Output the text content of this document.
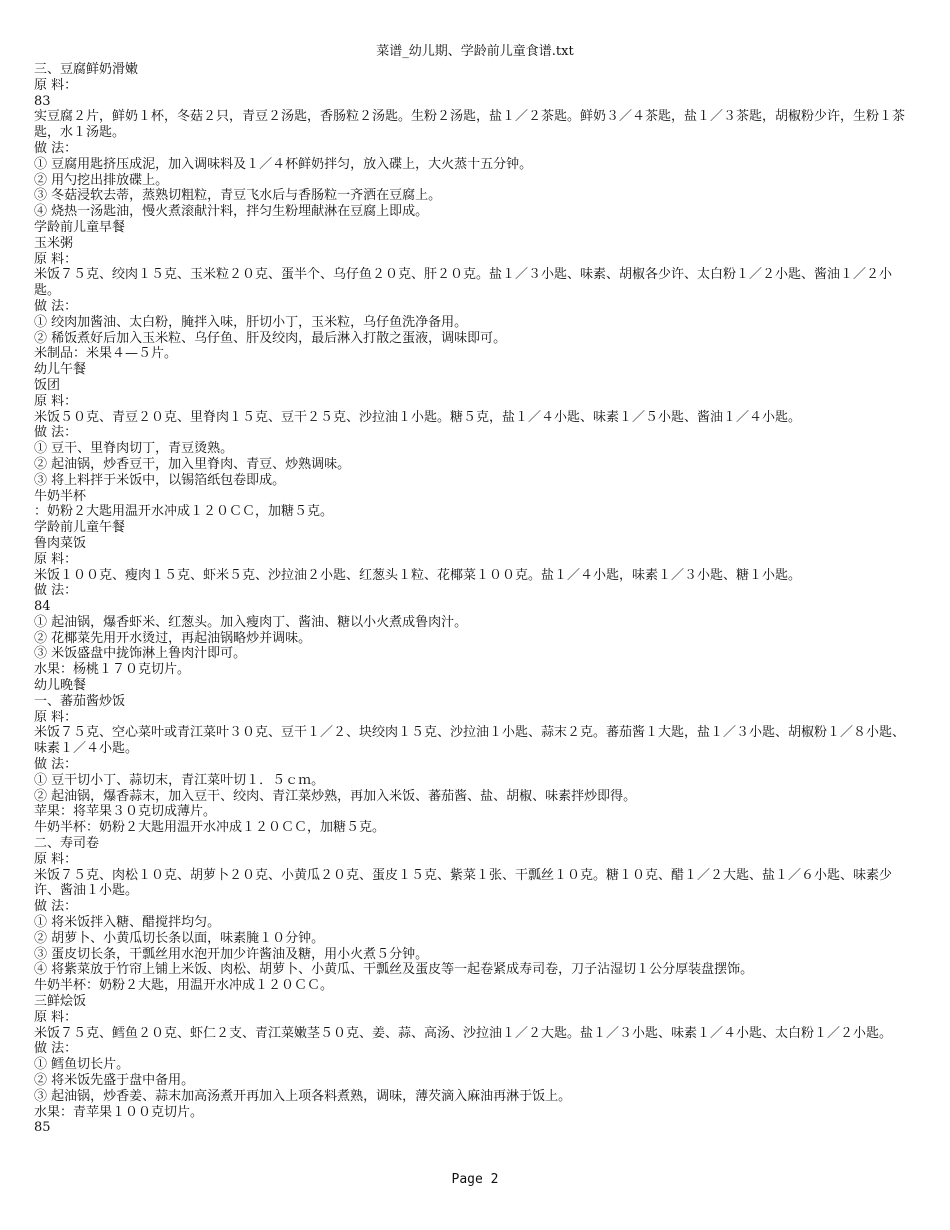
菜谱_幼儿期、学龄前儿童食谱.txt
三、豆腐鲜奶滑嫩
原 料：
83
实豆腐２片，鲜奶１杯，冬菇２只，青豆２汤匙，香肠粒２汤匙。生粉２汤匙，盐１／２茶匙。鲜奶３／４茶匙，盐１／３茶匙，胡椒粉少许，生粉１茶匙，水１汤匙。
做 法：
① 豆腐用匙挤压成泥，加入调味料及１／４杯鲜奶拌匀，放入碟上，大火蒸十五分钟。
② 用勺挖出排放碟上。
③ 冬菇浸软去蒂，蒸熟切粗粒，青豆飞水后与香肠粒一齐洒在豆腐上。
④ 烧热一汤匙油，慢火煮滚献汁料，拌匀生粉埋献淋在豆腐上即成。
学龄前儿童早餐
玉米粥
原 料：
米饭７５克、绞肉１５克、玉米粒２０克、蛋半个、乌仔鱼２０克、肝２０克。盐１／３小匙、味素、胡椒各少许、太白粉１／２小匙、酱油１／２小匙。
做 法：
① 绞肉加酱油、太白粉，腌拌入味，肝切小丁，玉米粒，乌仔鱼洗净备用。
② 稀饭煮好后加入玉米粒、乌仔鱼、肝及绞肉，最后淋入打散之蛋液，调味即可。
米制品：米果４—５片。
幼儿午餐
饭团
原 料：
米饭５０克、青豆２０克、里脊肉１５克、豆干２５克、沙拉油１小匙。糖５克，盐１／４小匙、味素１／５小匙、酱油１／４小匙。
做 法：
① 豆干、里脊肉切丁，青豆烫熟。
② 起油锅，炒香豆干，加入里脊肉、青豆、炒熟调味。
③ 将上料拌于米饭中，以锡箔纸包卷即成。
牛奶半杯
：奶粉２大匙用温开水冲成１２０ＣＣ，加糖５克。
学龄前儿童午餐
鲁肉菜饭
原 料：
米饭１００克、瘦肉１５克、虾米５克、沙拉油２小匙、红葱头１粒、花椰菜１００克。盐１／４小匙，味素１／３小匙、糖１小匙。
做 法：
84
① 起油锅，爆香虾米、红葱头。加入瘦肉丁、酱油、糖以小火煮成鲁肉汁。
② 花椰菜先用开水烫过，再起油锅略炒并调味。
③ 米饭盛盘中拢饰淋上鲁肉汁即可。
水果：杨桃１７０克切片。
幼儿晚餐
一、蕃茄酱炒饭
原 料：
米饭７５克、空心菜叶或青江菜叶３０克、豆干１／２、块绞肉１５克、沙拉油１小匙、蒜末２克。蕃茄酱１大匙，盐１／３小匙、胡椒粉１／８小匙、味素１／４小匙。
做 法：
① 豆干切小丁、蒜切末，青江菜叶切１．５ｃｍ。
② 起油锅，爆香蒜末，加入豆干、绞肉、青江菜炒熟，再加入米饭、蕃茄酱、盐、胡椒、味素拌炒即得。
苹果：将苹果３０克切成薄片。
牛奶半杯：奶粉２大匙用温开水冲成１２０ＣＣ，加糖５克。
二、寿司卷
原 料：
米饭７５克、肉松１０克、胡萝卜２０克、小黄瓜２０克、蛋皮１５克、紫菜１张、干瓢丝１０克。糖１０克、醋１／２大匙、盐１／６小匙、味素少许、酱油１小匙。
做 法：
① 将米饭拌入糖、醋搅拌均匀。
② 胡萝卜、小黄瓜切长条以面，味素腌１０分钟。
③ 蛋皮切长条，干瓢丝用水泡开加少许酱油及糖，用小火煮５分钟。
④ 将紫菜放于竹帘上铺上米饭、肉松、胡萝卜、小黄瓜、干瓢丝及蛋皮等一起卷紧成寿司卷，刀子沾湿切１公分厚装盘摆饰。
牛奶半杯：奶粉２大匙，用温开水冲成１２０ＣＣ。
三鲜烩饭
原 料：
米饭７５克、鳕鱼２０克、虾仁２支、青江菜嫩茎５０克、姜、蒜、高汤、沙拉油１／２大匙。盐１／３小匙、味素１／４小匙、太白粉１／２小匙。
做 法：
① 鳕鱼切长片。
② 将米饭先盛于盘中备用。
③ 起油锅，炒香姜、蒜末加高汤煮开再加入上项各料煮熟，调味，薄芡滴入麻油再淋于饭上。
水果：青苹果１００克切片。
85
Page 2
